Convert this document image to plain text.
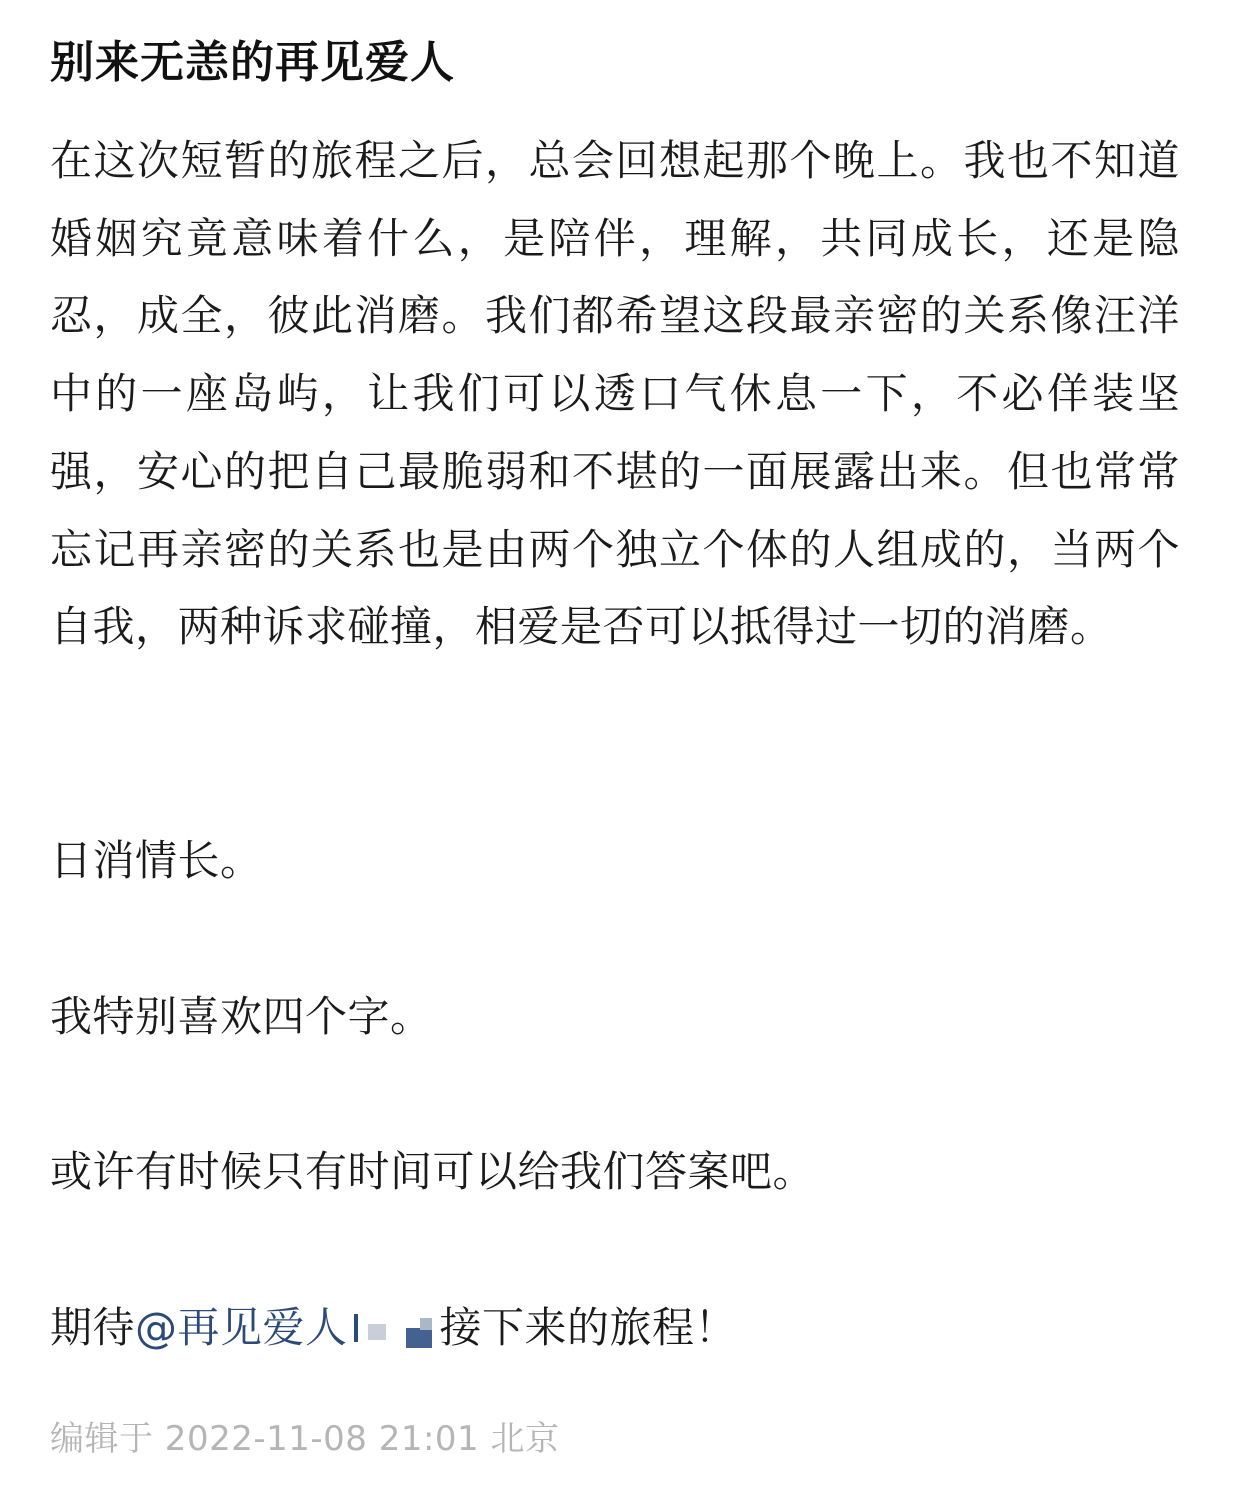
别来无恙的再见爱人
在这次短暂的旅程之后，总会回想起那个晚上。我也不知道婚姻究竟意味着什么，是陪伴，理解，共同成长，还是隐忍，成全，彼此消磨。我们都希望这段最亲密的关系像汪洋中的一座岛屿，让我们可以透口气休息一下，不必佯装坚强，安心的把自己最脆弱和不堪的一面展露出来。但也常常忘记再亲密的关系也是由两个独立个体的人组成的，当两个自我，两种诉求碰撞，相爱是否可以抵得过一切的消磨。
日消情长。
我特别喜欢四个字。
或许有时候只有时间可以给我们答案吧。
期待@再见爱人 接下来的旅程！
编辑于 2022-11-08 21:01 北京
